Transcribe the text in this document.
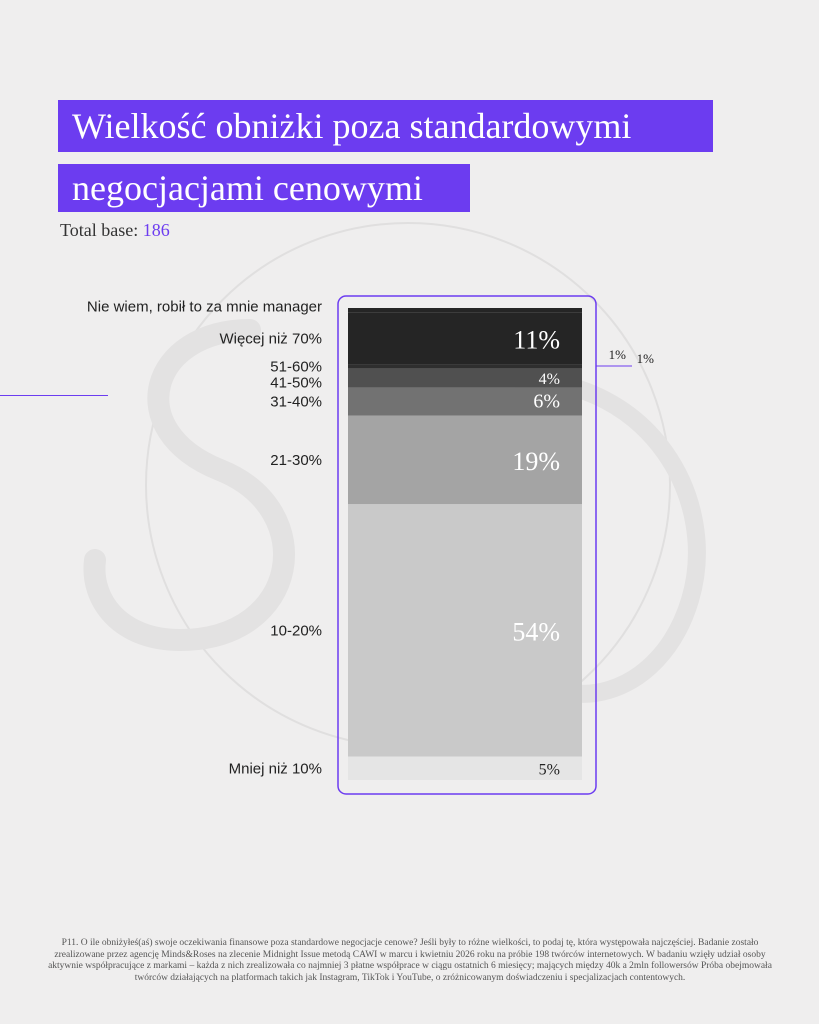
Wielkość obniżki poza standardowymi
negocjacjami cenowymi
Total base: 186
Nie wiem, robił to za mnie manager
Więcej niż 70%
51-60%
41-50%
31-40%
21-30%
10-20%
Mniej niż 10%
1%
11%
1%
4%
6%
19%
54%
5%
P11. O ile obniżyłeś(aś) swoje oczekiwania finansowe poza standardowe negocjacje cenowe? Jeśli były to różne wielkości, to podaj tę, która występowała najczęściej. Badanie zostało zrealizowane przez agencję Minds&Roses na zlecenie Midnight Issue metodą CAWI w marcu i kwietniu 2026 roku na próbie 198 twórców internetowych. W badaniu wzięły udział osoby aktywnie współpracujące z markami – każda z nich zrealizowała co najmniej 3 płatne współprace w ciągu ostatnich 6 miesięcy; mających między 40k a 2mln followersów Próba obejmowała twórców działających na platformach takich jak Instagram, TikTok i YouTube, o zróżnicowanym doświadczeniu i specjalizacjach contentowych.
